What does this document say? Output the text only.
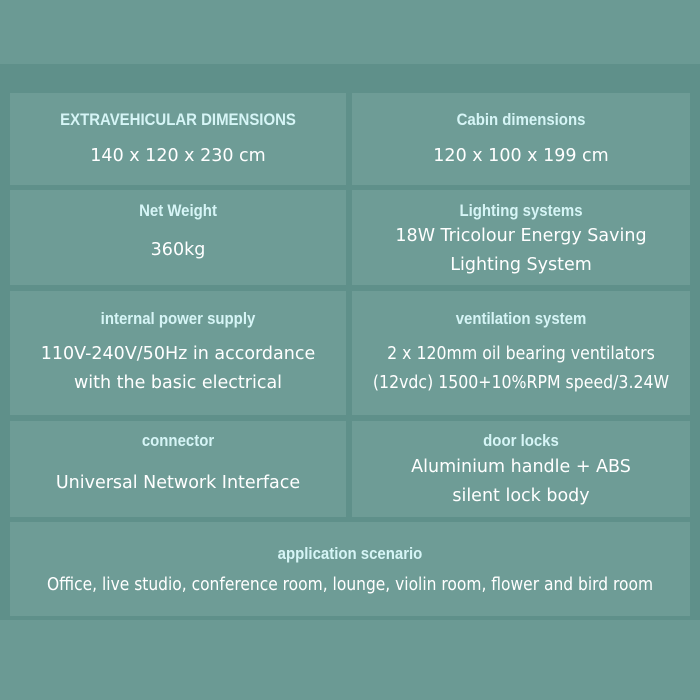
EXTRAVEHICULAR DIMENSIONS
140 x 120 x 230 cm
Cabin dimensions
120 x 100 x 199 cm
Net Weight
360kg
Lighting systems
18W Tricolour Energy Saving
Lighting System
internal power supply
110V-240V/50Hz in accordance
with the basic electrical
ventilation system
2 x 120mm oil bearing ventilators
(12vdc) 1500+10%RPM speed/3.24W
connector
Universal Network Interface
door locks
Aluminium handle + ABS
silent lock body
application scenario
Office, live studio, conference room, lounge, violin room, flower and bird room
